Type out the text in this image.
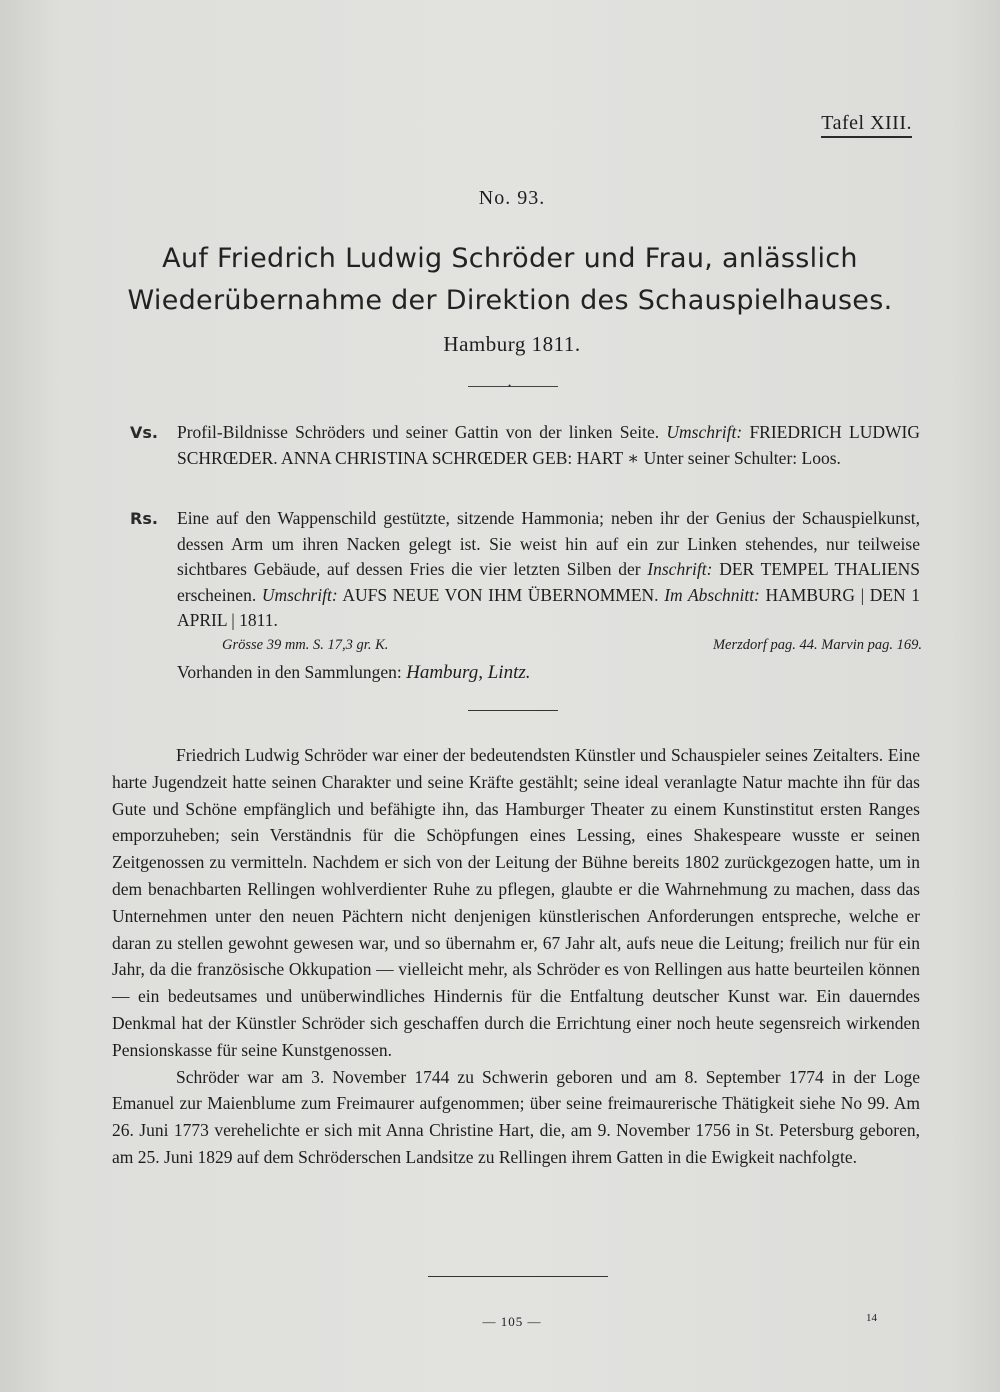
Tafel XIII.
No. 93.
Auf Friedrich Ludwig Schröder und Frau, anlässlich
Wiederübernahme der Direktion des Schauspielhauses.
Hamburg 1811.
•
Vs. Profil-Bildnisse Schröders und seiner Gattin von der linken Seite. Umschrift: FRIEDRICH LUDWIG SCHRŒDER. ANNA CHRISTINA SCHRŒDER GEB: HART ∗ Unter seiner Schulter: Loos.
Rs. Eine auf den Wappenschild gestützte, sitzende Hammonia; neben ihr der Genius der Schauspielkunst, dessen Arm um ihren Nacken gelegt ist. Sie weist hin auf ein zur Linken stehendes, nur teilweise sichtbares Gebäude, auf dessen Fries die vier letzten Silben der Inschrift: DER TEMPEL THALIENS erscheinen. Umschrift: AUFS NEUE VON IHM ÜBERNOMMEN. Im Abschnitt: HAMBURG | DEN 1 APRIL | 1811.
Grösse 39 mm. S. 17,3 gr. K.	Merzdorf pag. 44. Marvin pag. 169.
Vorhanden in den Sammlungen: Hamburg, Lintz.

Friedrich Ludwig Schröder war einer der bedeutendsten Künstler und Schauspieler seines Zeitalters. Eine harte Jugendzeit hatte seinen Charakter und seine Kräfte gestählt; seine ideal veranlagte Natur machte ihn für das Gute und Schöne empfänglich und befähigte ihn, das Hamburger Theater zu einem Kunstinstitut ersten Ranges emporzuheben; sein Verständnis für die Schöpfungen eines Lessing, eines Shakespeare wusste er seinen Zeitgenossen zu vermitteln. Nachdem er sich von der Leitung der Bühne bereits 1802 zurückgezogen hatte, um in dem benachbarten Rellingen wohlverdienter Ruhe zu pflegen, glaubte er die Wahrnehmung zu machen, dass das Unternehmen unter den neuen Pächtern nicht denjenigen künstlerischen Anforderungen entspreche, welche er daran zu stellen gewohnt gewesen war, und so übernahm er, 67 Jahr alt, aufs neue die Leitung; freilich nur für ein Jahr, da die französische Okkupation — vielleicht mehr, als Schröder es von Rellingen aus hatte beurteilen können — ein bedeutsames und unüberwindliches Hindernis für die Entfaltung deutscher Kunst war. Ein dauerndes Denkmal hat der Künstler Schröder sich geschaffen durch die Errichtung einer noch heute segensreich wirkenden Pensionskasse für seine Kunstgenossen.

Schröder war am 3. November 1744 zu Schwerin geboren und am 8. September 1774 in der Loge Emanuel zur Maienblume zum Freimaurer aufgenommen; über seine freimaurerische Thätigkeit siehe No 99. Am 26. Juni 1773 verehelichte er sich mit Anna Christine Hart, die, am 9. November 1756 in St. Petersburg geboren, am 25. Juni 1829 auf dem Schröderschen Landsitze zu Rellingen ihrem Gatten in die Ewigkeit nachfolgte.

— 105 —	14
